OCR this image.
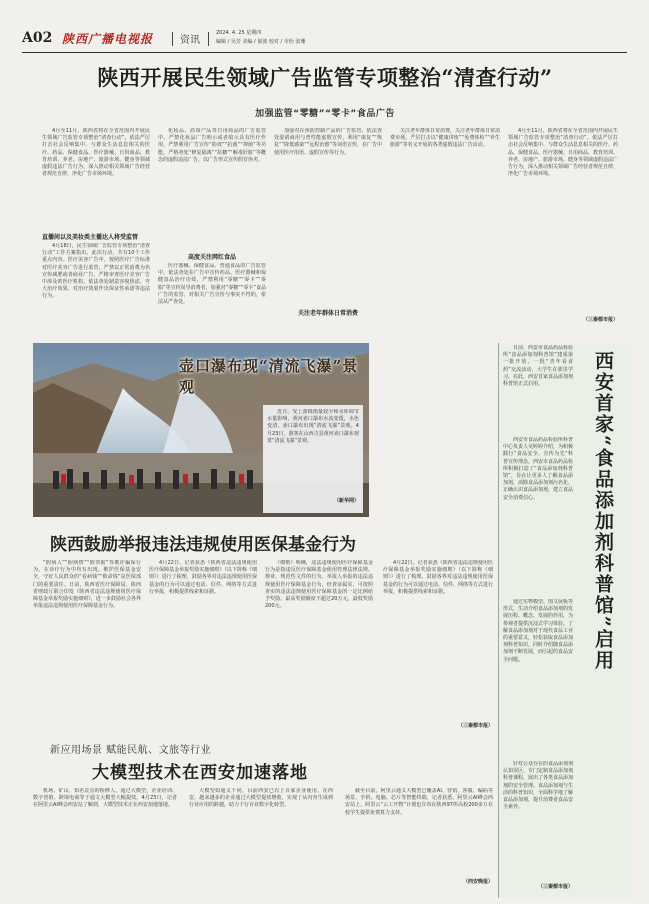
A02 陕西广播电视报	资讯
2024. 4. 25 星期四
编辑 / 吴芳 美编 / 倪波 校对 / 幸怡 张珊
陕西开展民生领域广告监管专项整治“清查行动”
加强监管“零糖”“零卡”食品广告
4月至11月，陕西省将在全省范围内开展民生领域广告监管专项整治“清查行动”。依法严厉打击社会反响集中、与群众生活息息相关的医疗、药品、保健食品、医疗器械、日用商品、教育培训、养老、房地产、旅游市场、健身等领域虚假违法广告行为，深入推动相关领域广告经营者规范自律，净化广告市场环境。
直播间以及美妆类主播达人将受监管
4月18日，民生领域广告监管专项整治“清查行动”工作方案指出，此次行动，共有10个工作重点内容。医疗美容广告中，按照医疗广告标准对医疗美容广告进行监管，严禁以正常消费为名宣传减肥或者商业广告，严格审查医疗美容广告中涉及的医疗机构，依法查处制造容貌焦虑、夸大治疗效果、对治疗效果作出保证性承诺等违法行为。
化妆品、消毒产品等日用商品的广告监管中，严禁化妆品广告明示或者暗示具有医疗作用，严禁利用广告宣传“防疫”“抗菌”“抑菌”等功能，严格查处“修复隔离”“抗糖”“解毒肝脏”等概念的虚假违法广告，以广告形式宣传假冒伪劣。
高度关注网红食品
医疗器械、保健食品、普通食品的广告监管中，依法查处在广告中宣传药品、医疗器械和保健食品治疗功效，严禁利用“零糖”“零卡”“零脂”等宣传误导消费者，加强对“零糖”“零卡”食品广告的监管，对相关广告宣传与事实不符的，依法从严查处。
加强对在预防控制产品的广告监管。依法查处混淆商用与普性能虚假宣传，利用“康复”“恢复”“降低感染”“远程治愈”等词语宣传，在广告中使用医疗用语、虚假宣传等行为。
关注老年群体日常消费
关注老年群体日常消费，关注老年群体日常消费市场，严厉打击以“健康讲座”“免费体检”“养生旅游”等名义开展的各类虚假违法广告活动。
4月至11月，陕西省将在全省范围内开展民生领域广告监管专项整治“清查行动”。依法严厉打击社会反响集中、与群众生活息息相关的医疗、药品、保健食品、医疗器械、日用商品、教育培训、养老、房地产、旅游市场、健身等领域虚假违法广告行为，深入推动相关领域广告经营者规范自律，净化广告市场环境。
（三秦都市报）
壶口瀑布现“清流飞瀑”景观
近日，受上游降雨量较少和水库调节水量影响，黄河壶口瀑布水流变缓，水色变清，壶口瀑布出现“清流飞瀑”景观。4月23日，游客在山西吉县黄河壶口瀑布观赏“清流飞瀑”景观。
（新华网）
陕西鼓励举报违法违规使用医保基金行为
“假病人”“假病情”“假票据”等欺诈骗保行为，在诊疗行为中均有出现。维护医保基金安全，守好人民群众的“看病钱”“救命钱”是医保部门的重要责任。日前，陕西省医疗保障局、陕西省财政厅联合印发《陕西省违法违规使用医疗保障基金举报奖励实施细则》，进一步鼓励社会各界举报违法违规使用医疗保障基金行为。
4月22日，记者获悉《陕西省违法违规使用医疗保障基金举报奖励实施细则》（以下简称《细则》）进行了梳理。鼓励各界对违法违规使用医保基金的行为可以通过电话、信件、网络等方式进行举报，积极提供线索和证据。
《细则》明确，违法违规使用医疗保障基金行为是指违反医疗保障基金使用管理法律法规、规章、规范性文件的行为。举报人举报的违法违规使用医疗保障基金行为，经查证属实，可按照查实的违法违规使用医疗保障基金的一定比例给予奖励。最高奖励额度不超过20万元，最低奖励200元。
4月22日，记者获悉《陕西省违法违规使用医疗保障基金举报奖励实施细则》（以下简称《细则》）进行了梳理。鼓励各界对违法违规使用医保基金的行为可以通过电话、信件、网络等方式进行举报，积极提供线索和证据。
（三秦都市报）
新应用场景 赋能民航、文旅等行业
大模型技术在西安加速落地
机场、矿山，知名景点的检修人、通过大模型，企业培训、数字营销、跨境电商等于通文大模型大幅提效。4月23日，记者在阿里云AI峰会西安站了解到，大模型技术正在西安加速落地。
大模型如通义千问，目前西安已有上百家企业使用。在西安，越来越多的企业通过大模型提效增收，实现了从内容生成到行业应用的跨越，助力千行百业数字化转型。
截至目前，阿里云通义大模型已覆盖AI、营销、客服、编码等场景，手机、电脑、芯片等智能终端，记者获悉，阿里云AI峰会西安站上，阿里云“云工开物”计划也宣布在陕西97所高校200多万在校学生提供免费算力支持。
（西安晚报）
日前，西安市食品药品检验所“食品添加剂科普馆”建成第一批开放，一批“青年看食药”交流活动，大学生在那里学习、在此，西安首家食品添加剂科普馆正式启用。
西安市食品药品检验所科普中心负责人吴婷婷介绍，为积极践行“食品安全、宣传为先”科普宣传理念，西安市食品药品检所积极打造了“食品添加剂科普馆”，旨在让更多人了解食品添加剂，消除食品添加剂污名化，正确认识食品添加剂，建立食品安全消费信心。
通过实物模型、图文展板等形式，生动介绍食品添加剂的发展历程、概念、发展的作用，为参观者提供沉浸式学习体验。了解食品添加剂对于现代食品工业的重要意义，轻松获取食品添加剂科普知识，同时介绍随食品添加剂不断发展，而引起的食品安全问题。
针对公众存在的食品添加剂认知误区，专门定制食品添加剂科普课程，展出了各类食品添加剂的安全管理、食品添加剂与生活的科普知识，全面科学地了解食品添加剂，提升消费者食品安全素养。
（三秦都市报）
西安首家“食品添加剂科普馆”启用
